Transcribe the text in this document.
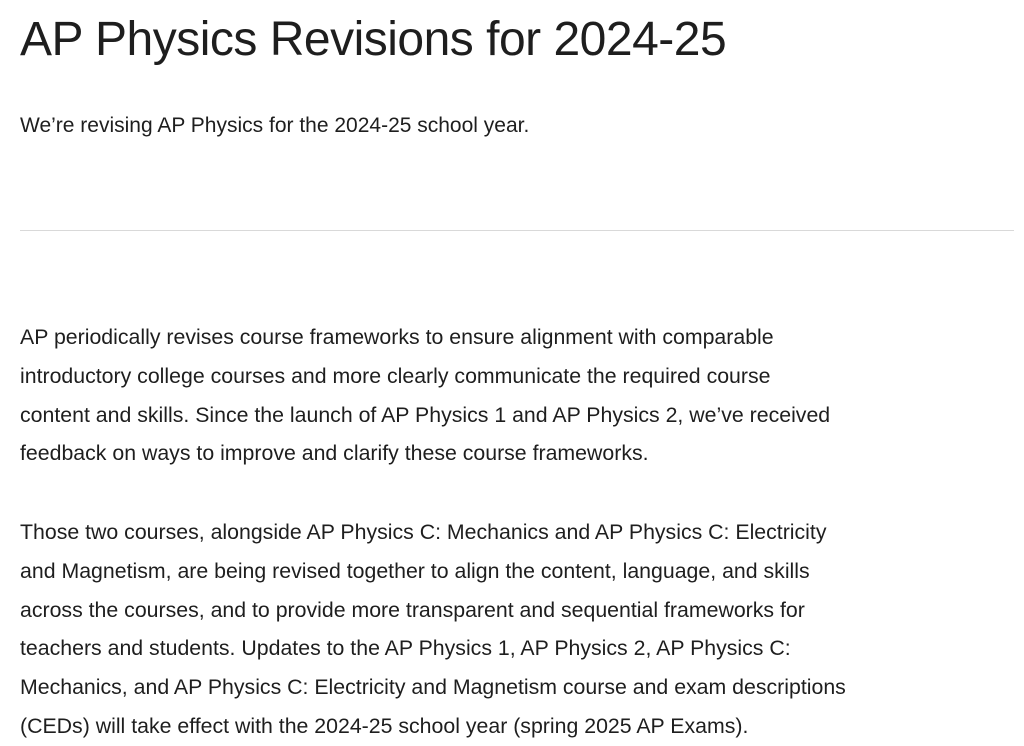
AP Physics Revisions for 2024-25

We’re revising AP Physics for the 2024-25 school year.

AP periodically revises course frameworks to ensure alignment with comparable
introductory college courses and more clearly communicate the required course
content and skills. Since the launch of AP Physics 1 and AP Physics 2, we’ve received
feedback on ways to improve and clarify these course frameworks.

Those two courses, alongside AP Physics C: Mechanics and AP Physics C: Electricity
and Magnetism, are being revised together to align the content, language, and skills
across the courses, and to provide more transparent and sequential frameworks for
teachers and students. Updates to the AP Physics 1, AP Physics 2, AP Physics C:
Mechanics, and AP Physics C: Electricity and Magnetism course and exam descriptions
(CEDs) will take effect with the 2024-25 school year (spring 2025 AP Exams).
